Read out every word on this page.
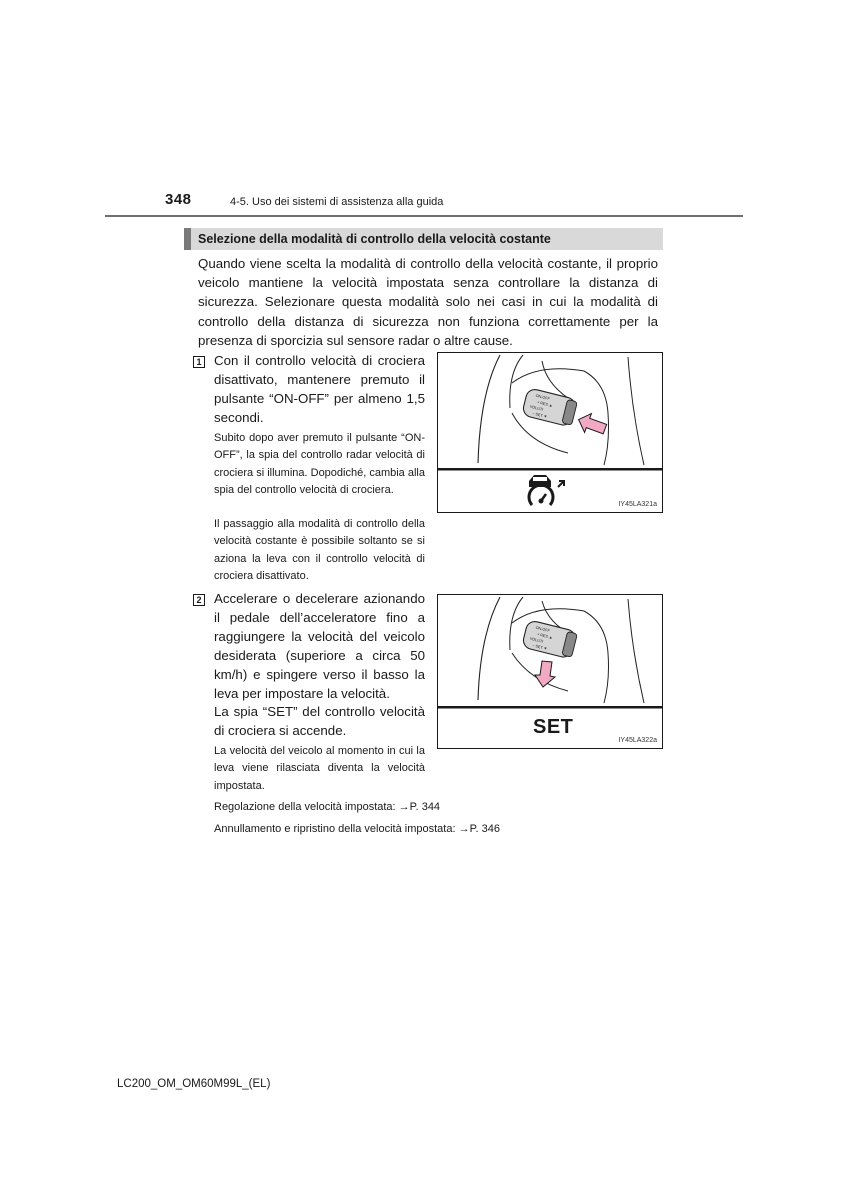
348	4-5. Uso dei sistemi di assistenza alla guida
Selezione della modalità di controllo della velocità costante
Quando viene scelta la modalità di controllo della velocità costante, il proprio veicolo mantiene la velocità impostata senza controllare la distanza di sicurezza. Selezionare questa modalità solo nei casi in cui la modalità di controllo della distanza di sicurezza non funziona correttamente per la presenza di sporcizia sul sensore radar o altre cause.
1 Con il controllo velocità di crociera disattivato, mantenere premuto il pulsante “ON-OFF” per almeno 1,5 secondi.
Subito dopo aver premuto il pulsante “ON-OFF”, la spia del controllo radar velocità di crociera si illumina. Dopodiché, cambia alla spia del controllo velocità di crociera.
Il passaggio alla modalità di controllo della velocità costante è possibile soltanto se si aziona la leva con il controllo velocità di crociera disattivato.
ON-OFF
+ RES ▲
VOLUTI
− SET ▼
IY45LA321a
2 Accelerare o decelerare azionando il pedale dell’acceleratore fino a raggiungere la velocità del veicolo desiderata (superiore a circa 50 km/h) e spingere verso il basso la leva per impostare la velocità.
La spia “SET” del controllo velocità di crociera si accende.
La velocità del veicolo al momento in cui la leva viene rilasciata diventa la velocità impostata.
ON-OFF
+ RES ▲
VOLUTI
− SET ▼
SET
IY45LA322a
Regolazione della velocità impostata: →P. 344
Annullamento e ripristino della velocità impostata: →P. 346
LC200_OM_OM60M99L_(EL)
